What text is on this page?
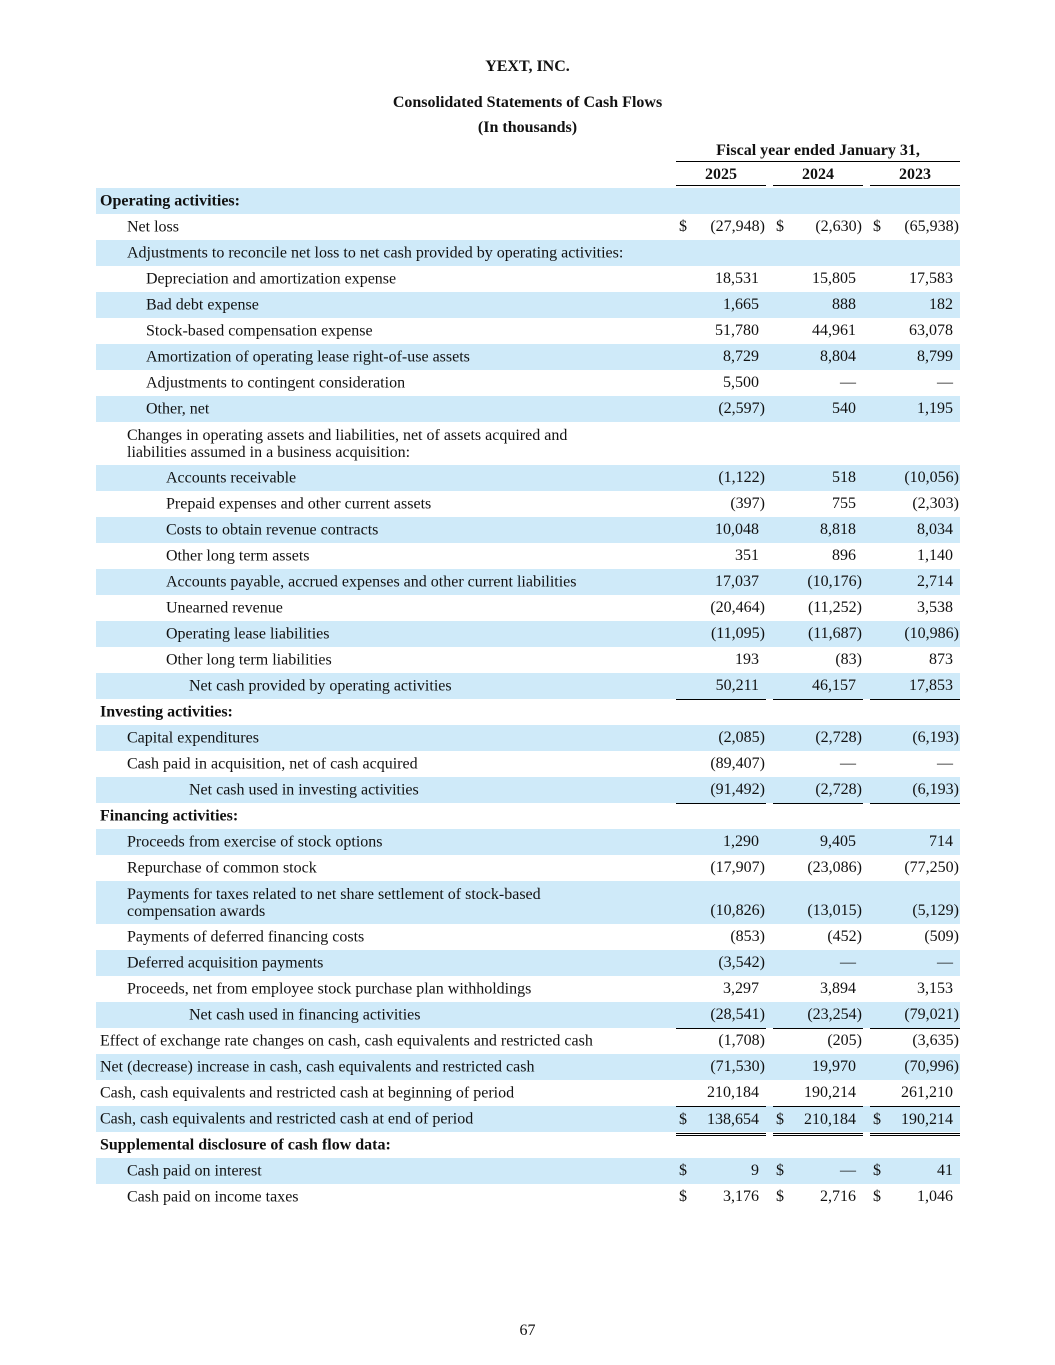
YEXT, INC.
Consolidated Statements of Cash Flows
(In thousands)
Fiscal year ended January 31,
2025	2024	2023
Operating activities:
Net loss	$ (27,948) $ (2,630) $ (65,938)
Adjustments to reconcile net loss to net cash provided by operating activities:
Depreciation and amortization expense	18,531	15,805	17,583
Bad debt expense	1,665	888	182
Stock-based compensation expense	51,780	44,961	63,078
Amortization of operating lease right-of-use assets	8,729	8,804	8,799
Adjustments to contingent consideration	5,500	—	—
Other, net	(2,597)	540	1,195
Changes in operating assets and liabilities, net of assets acquired and
liabilities assumed in a business acquisition:
Accounts receivable	(1,122)	518	(10,056)
Prepaid expenses and other current assets	(397)	755	(2,303)
Costs to obtain revenue contracts	10,048	8,818	8,034
Other long term assets	351	896	1,140
Accounts payable, accrued expenses and other current liabilities	17,037	(10,176)	2,714
Unearned revenue	(20,464)	(11,252)	3,538
Operating lease liabilities	(11,095)	(11,687)	(10,986)
Other long term liabilities	193	(83)	873
Net cash provided by operating activities	50,211	46,157	17,853
Investing activities:
Capital expenditures	(2,085)	(2,728)	(6,193)
Cash paid in acquisition, net of cash acquired	(89,407)	—	—
Net cash used in investing activities	(91,492)	(2,728)	(6,193)
Financing activities:
Proceeds from exercise of stock options	1,290	9,405	714
Repurchase of common stock	(17,907)	(23,086)	(77,250)
Payments for taxes related to net share settlement of stock-based
compensation awards	(10,826)	(13,015)	(5,129)
Payments of deferred financing costs	(853)	(452)	(509)
Deferred acquisition payments	(3,542)	—	—
Proceeds, net from employee stock purchase plan withholdings	3,297	3,894	3,153
Net cash used in financing activities	(28,541)	(23,254)	(79,021)
Effect of exchange rate changes on cash, cash equivalents and restricted cash	(1,708)	(205)	(3,635)
Net (decrease) increase in cash, cash equivalents and restricted cash	(71,530)	19,970	(70,996)
Cash, cash equivalents and restricted cash at beginning of period	210,184	190,214	261,210
Cash, cash equivalents and restricted cash at end of period	$ 138,654 $ 210,184 $ 190,214
Supplemental disclosure of cash flow data:
Cash paid on interest	$	9 $	— $	41
Cash paid on income taxes	$ 3,176 $ 2,716 $ 1,046
67
